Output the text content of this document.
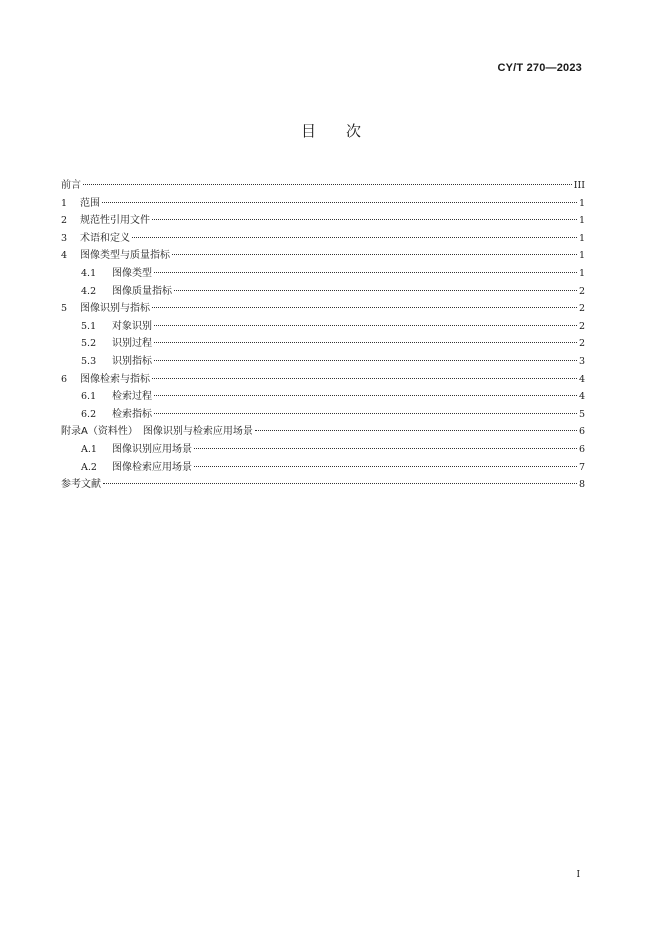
CY/T 270—2023
目 次
前言	III
1	范围	1
2	规范性引用文件	1
3	术语和定义	1
4	图像类型与质量指标	1
4.1	图像类型	1
4.2	图像质量指标	2
5	图像识别与指标	2
5.1	对象识别	2
5.2	识别过程	2
5.3	识别指标	3
6	图像检索与指标	4
6.1	检索过程	4
6.2	检索指标	5
附录A（资料性）　图像识别与检索应用场景	6
A.1	图像识别应用场景	6
A.2	图像检索应用场景	7
参考文献	8
I
